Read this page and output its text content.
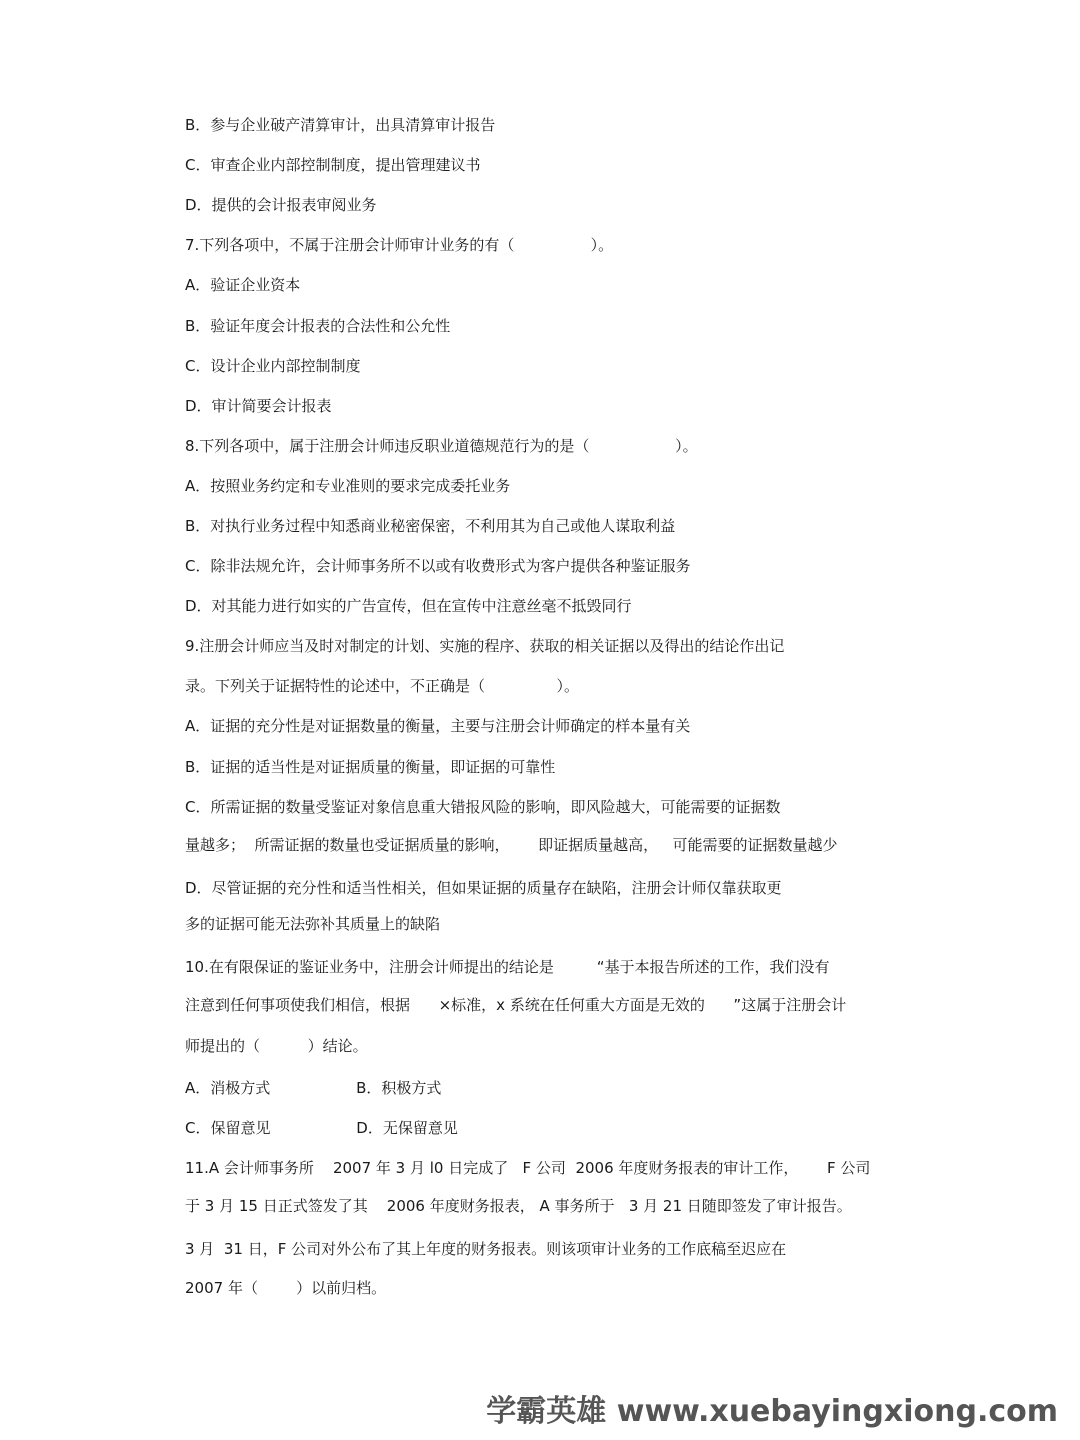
B．参与企业破产清算审计，出具清算审计报告
C．审查企业内部控制制度，提出管理建议书
D．提供的会计报表审阅业务
7.下列各项中，不属于注册会计师审计业务的有（                ）。
A．验证企业资本
B．验证年度会计报表的合法性和公允性
C．设计企业内部控制制度
D．审计简要会计报表
8.下列各项中，属于注册会计师违反职业道德规范行为的是（                  ）。
A．按照业务约定和专业准则的要求完成委托业务
B．对执行业务过程中知悉商业秘密保密，不利用其为自己或他人谋取利益
C．除非法规允许，会计师事务所不以或有收费形式为客户提供各种鉴证服务
D．对其能力进行如实的广告宣传，但在宣传中注意丝毫不抵毁同行
9.注册会计师应当及时对制定的计划、实施的程序、获取的相关证据以及得出的结论作出记
录。下列关于证据特性的论述中，不正确是（               ）。
A．证据的充分性是对证据数量的衡量，主要与注册会计师确定的样本量有关
B．证据的适当性是对证据质量的衡量，即证据的可靠性
C．所需证据的数量受鉴证对象信息重大错报风险的影响，即风险越大，可能需要的证据数
量越多；  所需证据的数量也受证据质量的影响，      即证据质量越高，   可能需要的证据数量越少
D．尽管证据的充分性和适当性相关，但如果证据的质量存在缺陷，注册会计师仅靠获取更
多的证据可能无法弥补其质量上的缺陷
10.在有限保证的鉴证业务中，注册会计师提出的结论是         “基于本报告所述的工作，我们没有
注意到任何事项使我们相信，根据      ×标准，x 系统在任何重大方面是无效的      ”这属于注册会计
师提出的（          ）结论。
A．消极方式                  B．积极方式
C．保留意见                  D．无保留意见
11.A 会计师事务所    2007 年 3 月 l0 日完成了   F 公司  2006 年度财务报表的审计工作，      F 公司
于 3 月 15 日正式签发了其    2006 年度财务报表， A 事务所于   3 月 21 日随即签发了审计报告。
3 月  31 日，F 公司对外公布了其上年度的财务报表。则该项审计业务的工作底稿至迟应在
2007 年（        ）以前归档。
学霸英雄 www.xuebayingxiong.com
